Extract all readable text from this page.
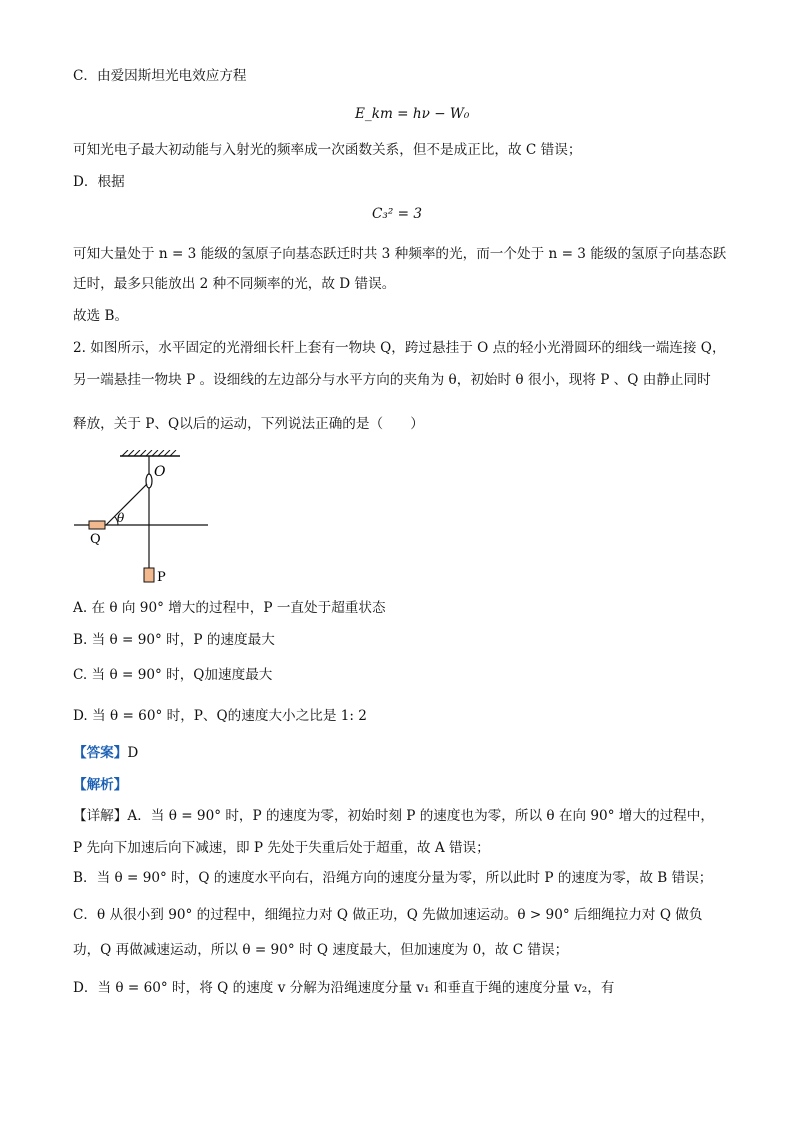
C．由爱因斯坦光电效应方程
E_km = hν − W₀
可知光电子最大初动能与入射光的频率成一次函数关系，但不是成正比，故 C 错误；
D．根据
C₃² = 3
可知大量处于 n = 3 能级的氢原子向基态跃迁时共 3 种频率的光，而一个处于 n = 3 能级的氢原子向基态跃
迁时，最多只能放出 2 种不同频率的光，故 D 错误。
故选 B。
2. 如图所示，水平固定的光滑细长杆上套有一物块 Q，跨过悬挂于 O 点的轻小光滑圆环的细线一端连接 Q，
另一端悬挂一物块 P 。设细线的左边部分与水平方向的夹角为 θ，初始时 θ 很小，现将 P 、Q 由静止同时
释放，关于 P、Q以后的运动，下列说法正确的是（　　）
O
θ
Q
P
A. 在 θ 向 90° 增大的过程中，P 一直处于超重状态
B. 当 θ = 90° 时，P 的速度最大
C. 当 θ = 90° 时，Q加速度最大
D. 当 θ = 60° 时，P、Q的速度大小之比是 1: 2
【答案】D
【解析】
【详解】A．当 θ = 90° 时，P 的速度为零，初始时刻 P 的速度也为零，所以 θ 在向 90° 增大的过程中，
P 先向下加速后向下减速，即 P 先处于失重后处于超重，故 A 错误；
B．当 θ = 90° 时，Q 的速度水平向右，沿绳方向的速度分量为零，所以此时 P 的速度为零，故 B 错误；
C．θ 从很小到 90° 的过程中，细绳拉力对 Q 做正功，Q 先做加速运动。θ > 90° 后细绳拉力对 Q 做负
功，Q 再做减速运动，所以 θ = 90° 时 Q 速度最大，但加速度为 0，故 C 错误；
D．当 θ = 60° 时，将 Q 的速度 v 分解为沿绳速度分量 v₁ 和垂直于绳的速度分量 v₂，有
